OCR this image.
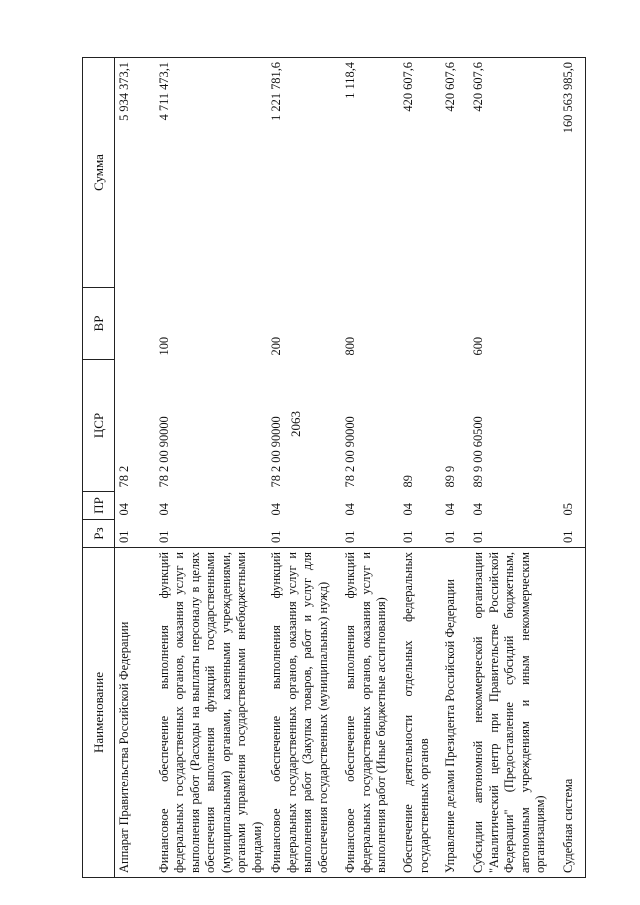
2063
Наименование	Рз	ПР	ЦСР	ВР	Сумма
Аппарат Правительства Российской Федерации	01	04	78 2		5 934 373,1
Финансовое обеспечение выполнения функций федеральных государственных органов, оказания услуг и выполнения работ (Расходы на выплаты персоналу в целях обеспечения выполнения функций государственными (муниципальными) органами, казенными учреждениями, органами управления государственными внебюджетными фондами)	01	04	78 2 00 90000	100	4 711 473,1
Финансовое обеспечение выполнения функций федеральных государственных органов, оказания услуг и выполнения работ (Закупка товаров, работ и услуг для обеспечения государственных (муниципальных) нужд)	01	04	78 2 00 90000	200	1 221 781,6
Финансовое обеспечение выполнения функций федеральных государственных органов, оказания услуг и выполнения работ (Иные бюджетные ассигнования)	01	04	78 2 00 90000	800	1 118,4
Обеспечение деятельности отдельных федеральных государственных органов	01	04	89		420 607,6
Управление делами Президента Российской Федерации	01	04	89 9		420 607,6
Субсидии автономной некоммерческой организации "Аналитический центр при Правительстве Российской Федерации" (Предоставление субсидий бюджетным, автономным учреждениям и иным некоммерческим организациям)	01	04	89 9 00 60500	600	420 607,6
Судебная система	01	05			160 563 985,0
